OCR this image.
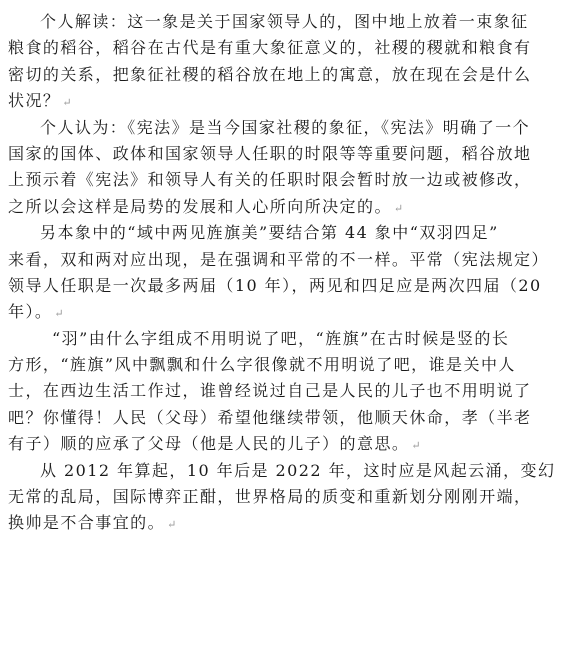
个人解读：这一象是关于国家领导人的，图中地上放着一束象征
粮食的稻谷，稻谷在古代是有重大象征意义的，社稷的稷就和粮食有
密切的关系，把象征社稷的稻谷放在地上的寓意，放在现在会是什么
状况？ ↵
个人认为：《宪法》是当今国家社稷的象征，《宪法》明确了一个
国家的国体、政体和国家领导人任职的时限等等重要问题，稻谷放地
上预示着《宪法》和领导人有关的任职时限会暂时放一边或被修改，
之所以会这样是局势的发展和人心所向所决定的。 ↵
另本象中的“域中两见旌旗美”要结合第 44 象中“双羽四足”
来看，双和两对应出现，是在强调和平常的不一样。平常（宪法规定）
领导人任职是一次最多两届（10 年），两见和四足应是两次四届（20
年）。 ↵
“羽”由什么字组成不用明说了吧，“旌旗”在古时候是竖的长
方形，“旌旗”风中飘飘和什么字很像就不用明说了吧，谁是关中人
士，在西边生活工作过，谁曾经说过自己是人民的儿子也不用明说了
吧？你懂得！人民（父母）希望他继续带领，他顺天休命，孝（半老
有子）顺的应承了父母（他是人民的儿子）的意思。 ↵
从 2012 年算起，10 年后是 2022 年，这时应是风起云涌，变幻
无常的乱局，国际博弈正酣，世界格局的质变和重新划分刚刚开端，
换帅是不合事宜的。 ↵
